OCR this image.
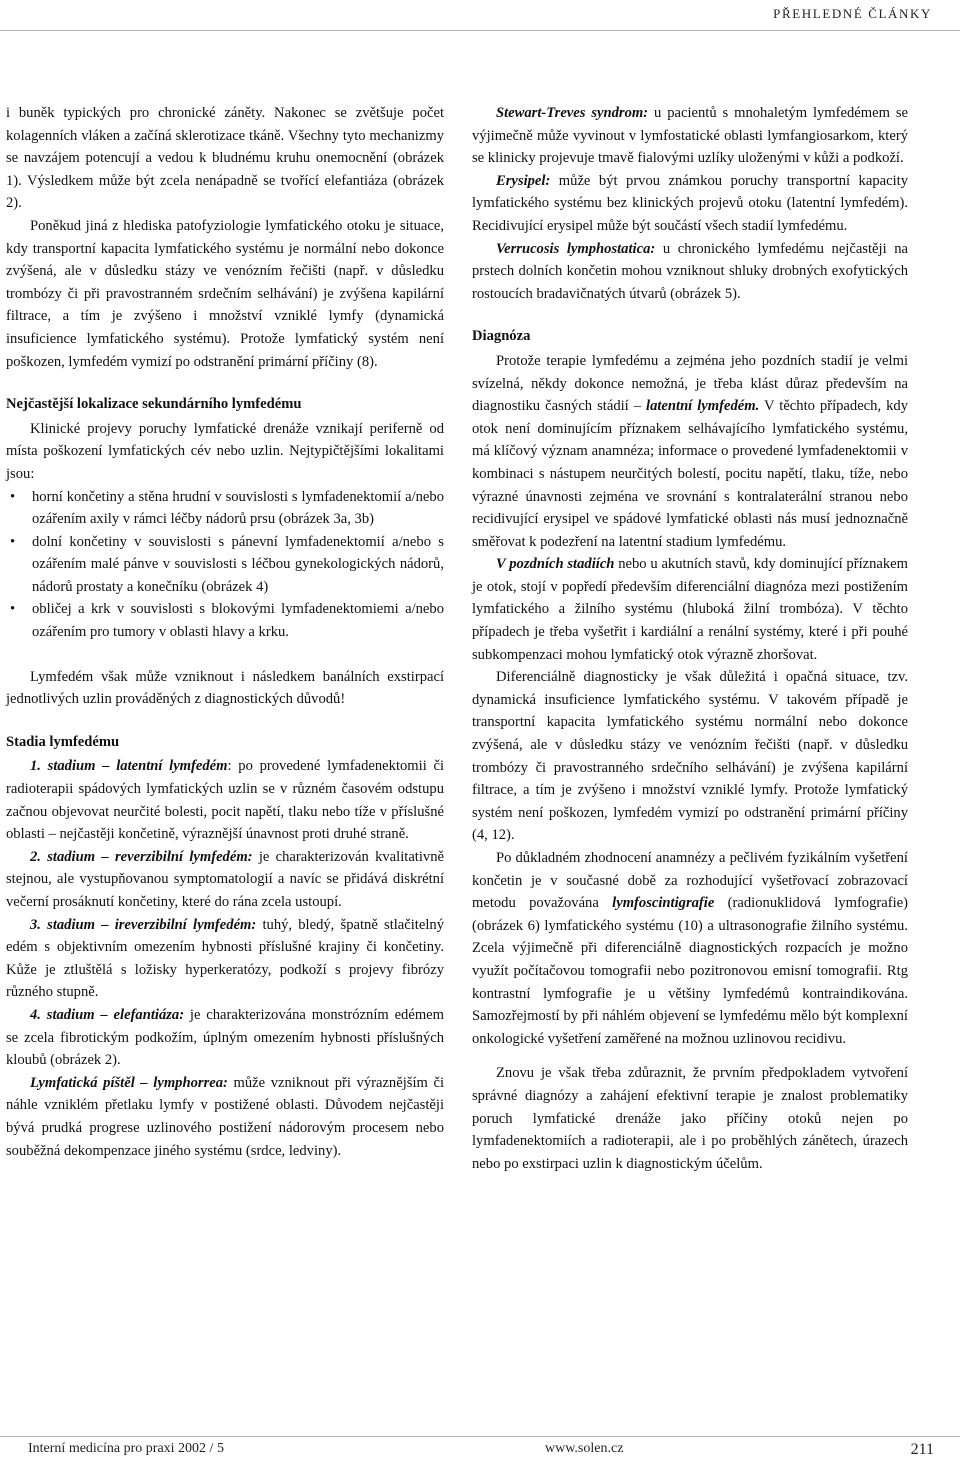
PŘEHLEDNÉ ČLÁNKY

i buněk typických pro chronické záněty. Nakonec se zvětšuje počet kolagenních vláken a začíná sklerotizace tkáně. Všechny tyto mechanizmy se navzájem potencují a vedou k bludnému kruhu onemocnění (obrázek 1). Výsledkem může být zcela nenápadně se tvořící elefantiáza (obrázek 2).

Poněkud jiná z hlediska patofyziologie lymfatického otoku je situace, kdy transportní kapacita lymfatického systému je normální nebo dokonce zvýšená, ale v důsledku stázy ve venózním řečišti (např. v důsledku trombózy či při pravostranném srdečním selhávání) je zvýšena kapilární filtrace, a tím je zvýšeno i množství vzniklé lymfy (dynamická insuficience lymfatického systému). Protože lymfatický systém není poškozen, lymfedém vymizí po odstranění primární příčiny (8).

Nejčastější lokalizace sekundárního lymfedému

Klinické projevy poruchy lymfatické drenáže vznikají periferně od místa poškození lymfatických cév nebo uzlin. Nejtypičtějšími lokalitami jsou:

• horní končetiny a stěna hrudní v souvislosti s lymfadenektomií a/nebo ozářením axily v rámci léčby nádorů prsu (obrázek 3a, 3b)
• dolní končetiny v souvislosti s pánevní lymfadenektomií a/nebo s ozářením malé pánve v souvislosti s léčbou gynekologických nádorů, nádorů prostaty a konečníku (obrázek 4)
• obličej a krk v souvislosti s blokovými lymfadenektomiemi a/nebo ozářením pro tumory v oblasti hlavy a krku.

Lymfedém však může vzniknout i následkem banálních exstirpací jednotlivých uzlin prováděných z diagnostických důvodů!

Stadia lymfedému

1. stadium – latentní lymfedém: po provedené lymfadenektomii či radioterapii spádových lymfatických uzlin se v různém časovém odstupu začnou objevovat neurčité bolesti, pocit napětí, tlaku nebo tíže v příslušné oblasti – nejčastěji končetině, výraznější únavnost proti druhé straně.

2. stadium – reverzibilní lymfedém: je charakterizován kvalitativně stejnou, ale vystupňovanou symptomatologií a navíc se přidává diskrétní večerní prosáknutí končetiny, které do rána zcela ustoupí.

3. stadium – ireverzibilní lymfedém: tuhý, bledý, špatně stlačitelný edém s objektivním omezením hybnosti příslušné krajiny či končetiny. Kůže je ztluštělá s ložisky hyperkeratózy, podkoží s projevy fibrózy různého stupně.

4. stadium – elefantiáza: je charakterizována monstrózním edémem se zcela fibrotickým podkožím, úplným omezením hybnosti příslušných kloubů (obrázek 2).

Lymfatická píštěl – lymphorrea: může vzniknout při výraznějším či náhle vzniklém přetlaku lymfy v postižené oblasti. Důvodem nejčastěji bývá prudká progrese uzlinového postižení nádorovým procesem nebo souběžná dekompenzace jiného systému (srdce, ledviny).

Stewart-Treves syndrom: u pacientů s mnohaletým lymfedémem se výjimečně může vyvinout v lymfostatické oblasti lymfangiosarkom, který se klinicky projevuje tmavě fialovými uzlíky uloženými v kůži a podkoží.

Erysipel: může být prvou známkou poruchy transportní kapacity lymfatického systému bez klinických projevů otoku (latentní lymfedém). Recidivující erysipel může být součástí všech stadií lymfedému.

Verrucosis lymphostatica: u chronického lymfedému nejčastěji na prstech dolních končetin mohou vzniknout shluky drobných exofytických rostoucích bradavičnatých útvarů (obrázek 5).

Diagnóza

Protože terapie lymfedému a zejména jeho pozdních stadií je velmi svízelná, někdy dokonce nemožná, je třeba klást důraz především na diagnostiku časných stádií – latentní lymfedém. V těchto případech, kdy otok není dominujícím příznakem selhávajícího lymfatického systému, má klíčový význam anamnéza; informace o provedené lymfadenektomii v kombinaci s nástupem neurčitých bolestí, pocitu napětí, tlaku, tíže, nebo výrazné únavnosti zejména ve srovnání s kontralaterální stranou nebo recidivující erysipel ve spádové lymfatické oblasti nás musí jednoznačně směřovat k podezření na latentní stadium lymfedému.

V pozdních stadiích nebo u akutních stavů, kdy dominující příznakem je otok, stojí v popředí především diferenciální diagnóza mezi postižením lymfatického a žilního systému (hluboká žilní trombóza). V těchto případech je třeba vyšetřit i kardiální a renální systémy, které i při pouhé subkompenzaci mohou lymfatický otok výrazně zhoršovat.

Diferenciálně diagnosticky je však důležitá i opačná situace, tzv. dynamická insuficience lymfatického systému. V takovém případě je transportní kapacita lymfatického systému normální nebo dokonce zvýšená, ale v důsledku stázy ve venózním řečišti (např. v důsledku trombózy či pravostranného srdečního selhávání) je zvýšena kapilární filtrace, a tím je zvýšeno i množství vzniklé lymfy. Protože lymfatický systém není poškozen, lymfedém vymizí po odstranění primární příčiny (4, 12).

Po důkladném zhodnocení anamnézy a pečlivém fyzikálním vyšetření končetin je v současné době za rozhodující vyšetřovací zobrazovací metodu považována lymfoscintigrafie (radionuklidová lymfografie) (obrázek 6) lymfatického systému (10) a ultrasonografie žilního systému. Zcela výjimečně při diferenciálně diagnostických rozpacích je možno využít počítačovou tomografii nebo pozitronovou emisní tomografii. Rtg kontrastní lymfografie je u většiny lymfedémů kontraindikována. Samozřejmostí by při náhlém objevení se lymfedému mělo být komplexní onkologické vyšetření zaměřené na možnou uzlinovou recidivu.

Znovu je však třeba zdůraznit, že prvním předpokladem vytvoření správné diagnózy a zahájení efektivní terapie je znalost problematiky poruch lymfatické drenáže jako příčiny otoků nejen po lymfadenektomiích a radioterapii, ale i po proběhlých zánětech, úrazech nebo po exstirpaci uzlin k diagnostickým účelům.

Interní medicína pro praxi 2002 / 5	www.solen.cz	211
